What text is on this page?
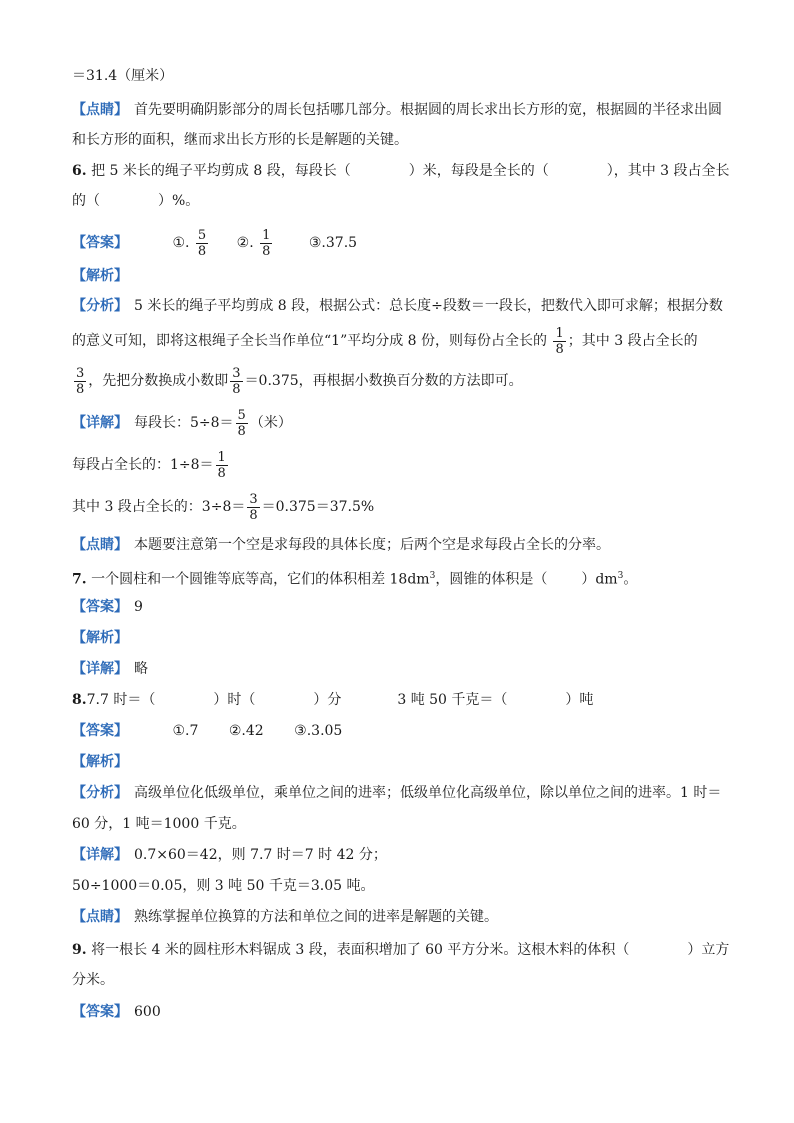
＝31.4（厘米）
【点睛】 首先要明确阴影部分的周长包括哪几部分。根据圆的周长求出长方形的宽，根据圆的半径求出圆
和长方形的面积，继而求出长方形的长是解题的关键。
6. 把 5 米长的绳子平均剪成 8 段，每段长（	）米，每段是全长的（	），其中 3 段占全长
的（	）%。
【答案】	①. $\frac{5}{8}$ ②. $\frac{1}{8}$	③.37.5
【解析】
【分析】 5 米长的绳子平均剪成 8 段，根据公式：总长度÷段数＝一段长，把数代入即可求解；根据分数
的意义可知，即将这根绳子全长当作单位“1”平均分成 8 份，则每份占全长的 $\frac{1}{8}$ ；其中 3 段占全长的
$\frac{3}{8}$ ，先把分数换成小数即 $\frac{3}{8} =0.375$，再根据小数换百分数的方法即可。
【详解】 每段长：$5\div 8= \frac{5}{8}$ （米）
每段占全长的：$1\div 8= \frac{1}{8}$
其中 3 段占全长的：$3\div 8= \frac{3}{8} =0.375=37.5\%$
【点睛】 本题要注意第一个空是求每段的具体长度；后两个空是求每段占全长的分率。
7. 一个圆柱和一个圆锥等底等高，它们的体积相差 $18dm^3$，圆锥的体积是（ ）$dm^3$。
【答案】 9
【解析】
【详解】 略
8.7.7 时＝（	）时（	）分	3 吨 50 千克＝（	）吨
【答案】	①.7 ②.42 ③.3.05
【解析】
【分析】 高级单位化低级单位，乘单位之间的进率；低级单位化高级单位，除以单位之间的进率。1 时＝
60 分，1 吨＝1000 千克。
【详解】 0.7×60＝42，则 7.7 时＝7 时 42 分；
50÷1000＝0.05，则 3 吨 50 千克＝3.05 吨。
【点睛】 熟练掌握单位换算的方法和单位之间的进率是解题的关键。
9. 将一根长 4 米的圆柱形木料锯成 3 段，表面积增加了 60 平方分米。这根木料的体积（	）立方
分米。
【答案】 600
